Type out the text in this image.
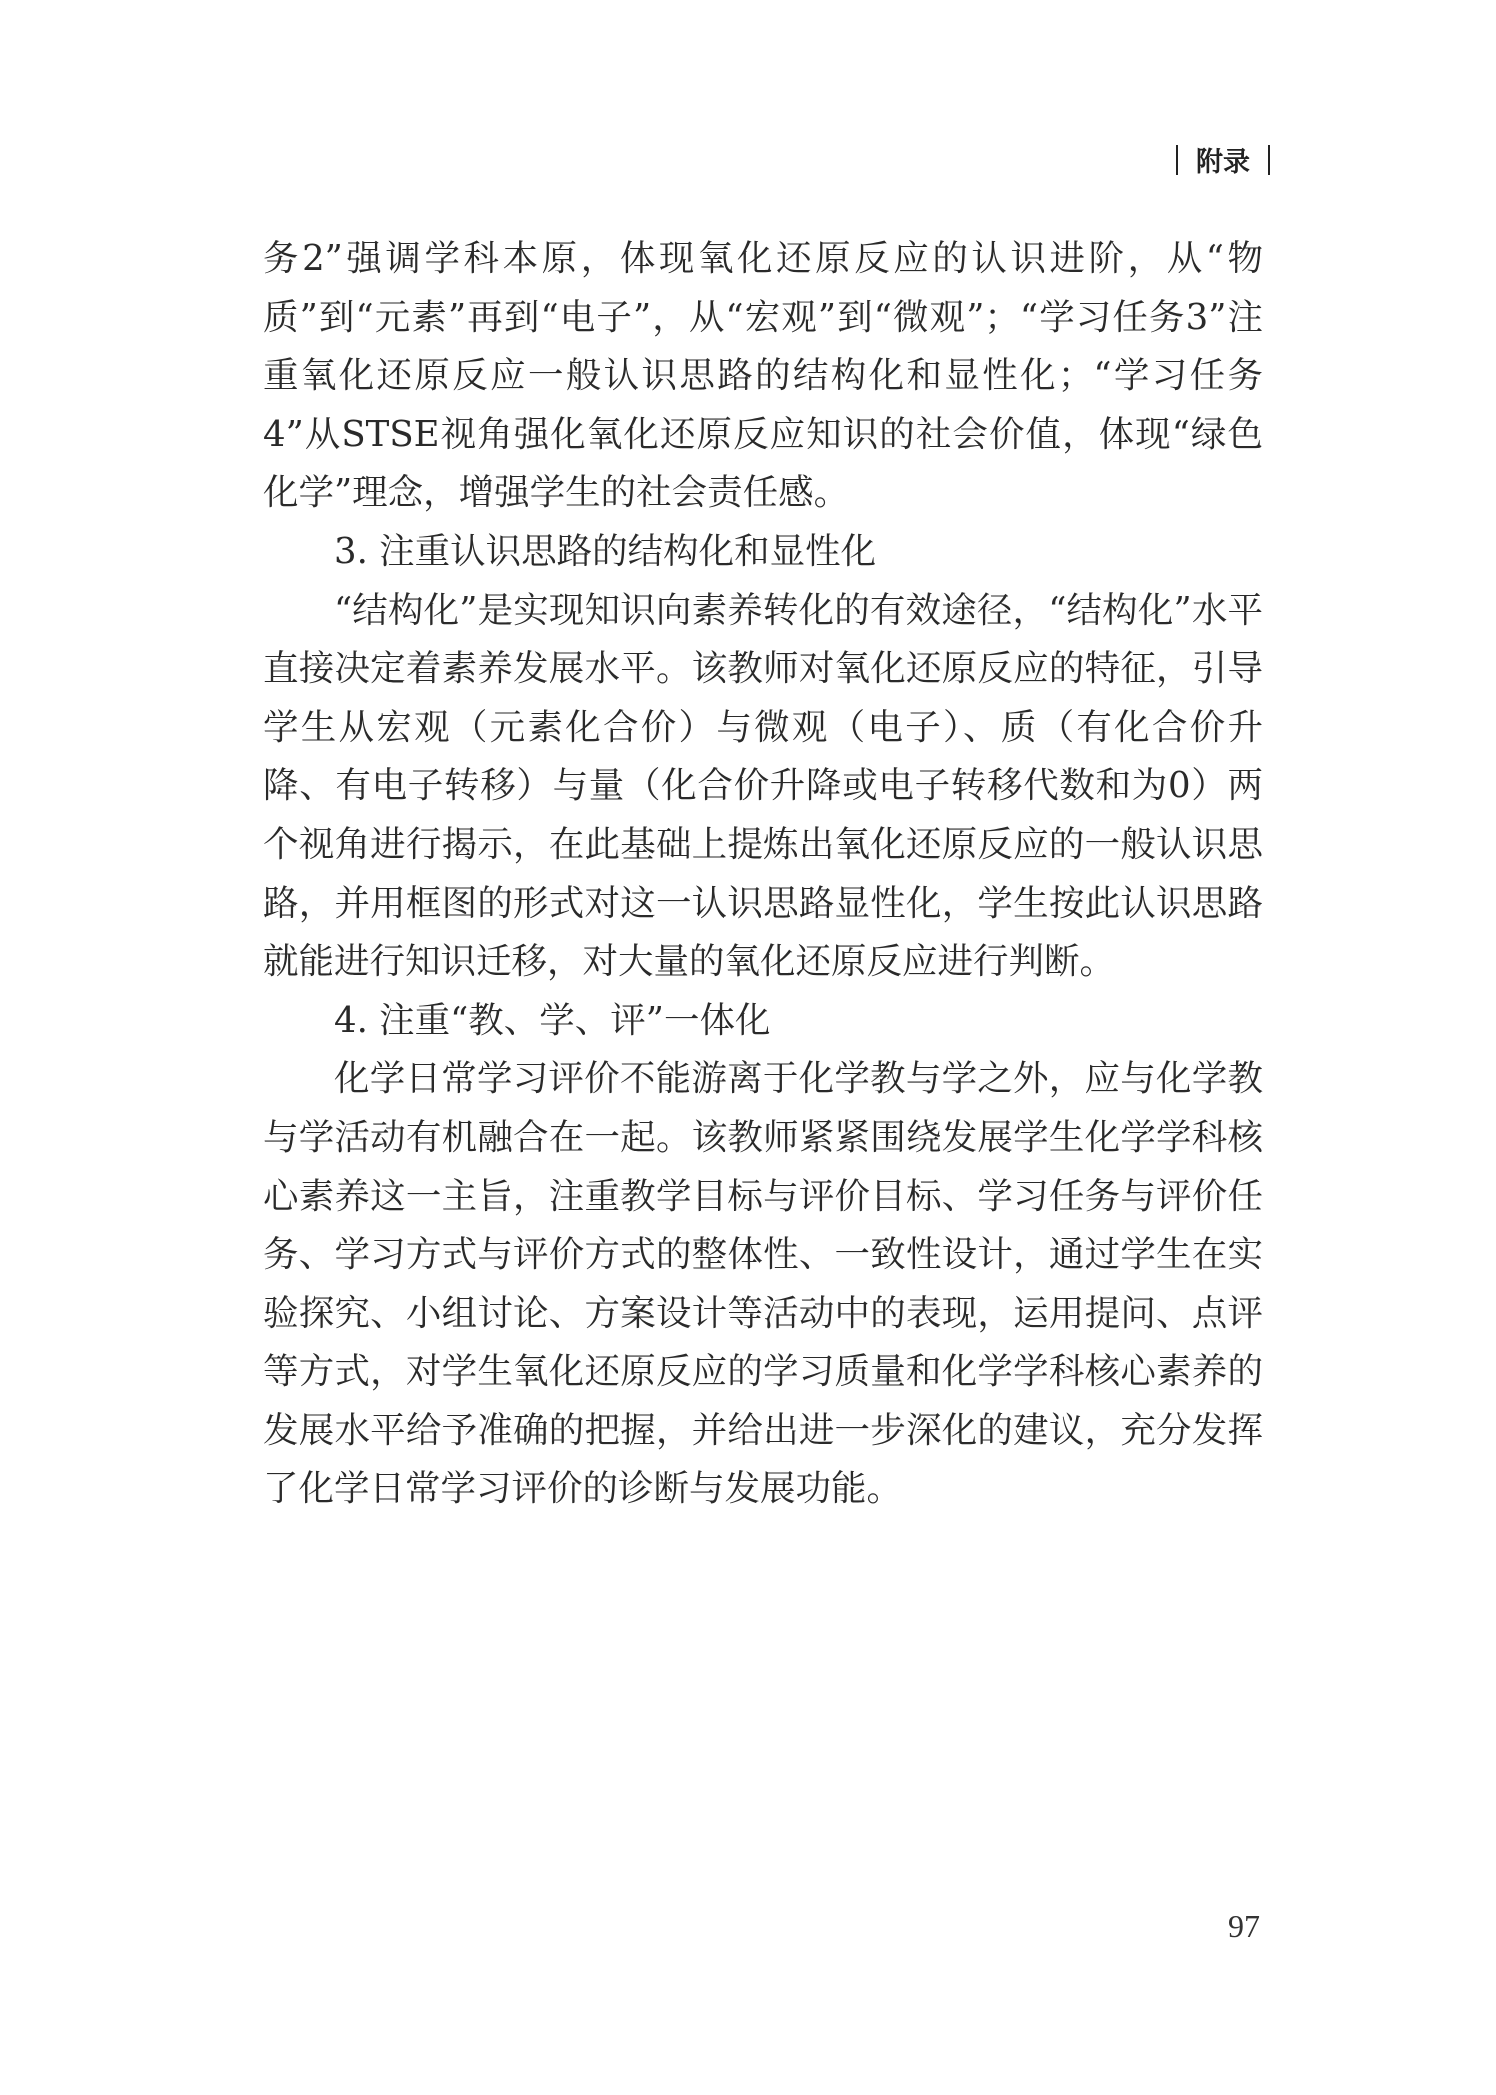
附录

务2”强调学科本原，体现氧化还原反应的认识进阶，从“物质”到“元素”再到“电子”，从“宏观”到“微观”；“学习任务3”注重氧化还原反应一般认识思路的结构化和显性化；“学习任务4”从STSE视角强化氧化还原反应知识的社会价值，体现“绿色化学”理念，增强学生的社会责任感。

3. 注重认识思路的结构化和显性化

“结构化”是实现知识向素养转化的有效途径，“结构化”水平直接决定着素养发展水平。该教师对氧化还原反应的特征，引导学生从宏观（元素化合价）与微观（电子）、质（有化合价升降、有电子转移）与量（化合价升降或电子转移代数和为0）两个视角进行揭示，在此基础上提炼出氧化还原反应的一般认识思路，并用框图的形式对这一认识思路显性化，学生按此认识思路就能进行知识迁移，对大量的氧化还原反应进行判断。

4. 注重“教、学、评”一体化

化学日常学习评价不能游离于化学教与学之外，应与化学教与学活动有机融合在一起。该教师紧紧围绕发展学生化学学科核心素养这一主旨，注重教学目标与评价目标、学习任务与评价任务、学习方式与评价方式的整体性、一致性设计，通过学生在实验探究、小组讨论、方案设计等活动中的表现，运用提问、点评等方式，对学生氧化还原反应的学习质量和化学学科核心素养的发展水平给予准确的把握，并给出进一步深化的建议，充分发挥了化学日常学习评价的诊断与发展功能。

97
